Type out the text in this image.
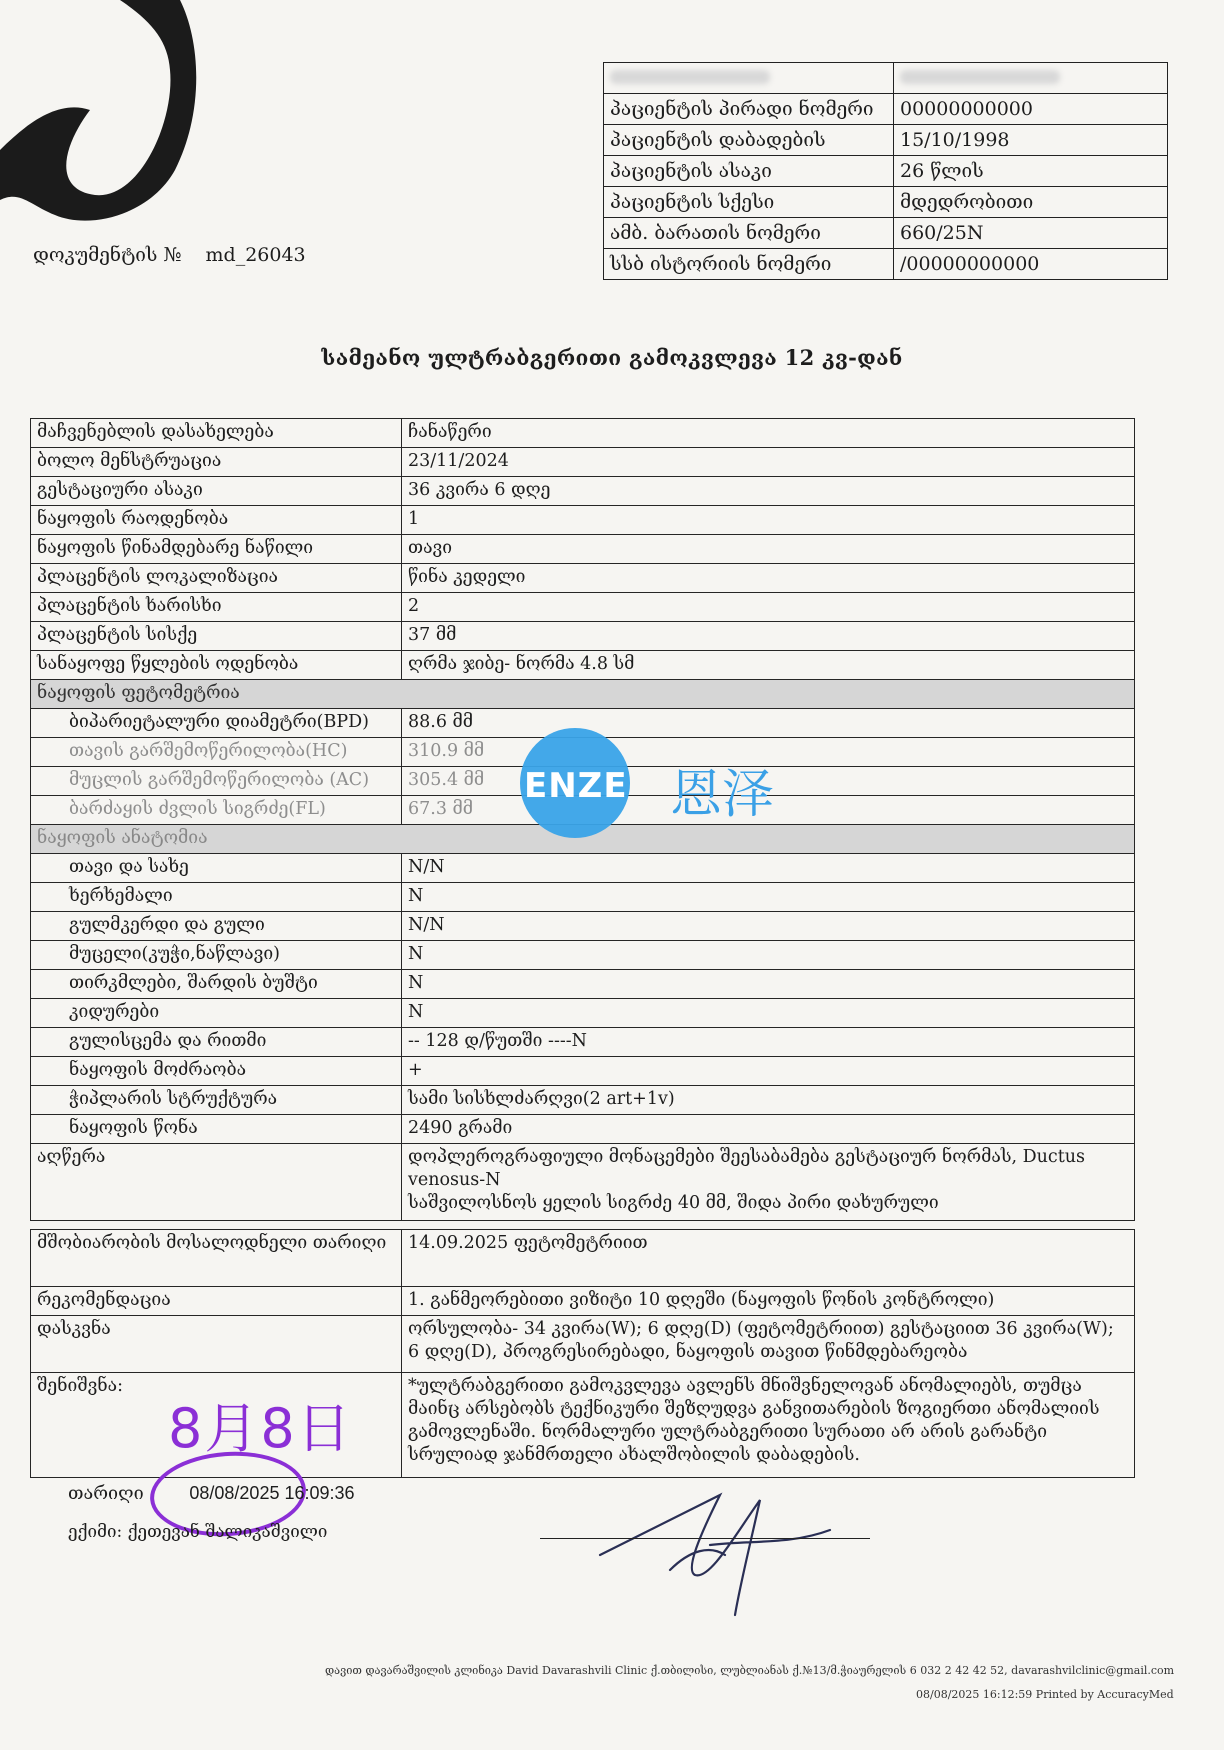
პაციენტის პირადი ნომერი	00000000000
პაციენტის დაბადების	15/10/1998
პაციენტის ასაკი	26 წლის
პაციენტის სქესი	მდედრობითი
ამბ. ბარათის ნომერი	660/25N
სსბ ისტორიის ნომერი	/00000000000
დოკუმენტის № md_26043
სამეანო ულტრაბგერითი გამოკვლევა 12 კვ-დან
მაჩვენებლის დასახელება	ჩანაწერი
ბოლო მენსტრუაცია	23/11/2024
გესტაციური ასაკი	36 კვირა 6 დღე
ნაყოფის რაოდენობა	1
ნაყოფის წინამდებარე ნაწილი	თავი
პლაცენტის ლოკალიზაცია	წინა კედელი
პლაცენტის ხარისხი	2
პლაცენტის სისქე	37 მმ
სანაყოფე წყლების ოდენობა	ღრმა ჯიბე- ნორმა 4.8 სმ
ნაყოფის ფეტომეტრია	
ბიპარიეტალური დიამეტრი(BPD)	88.6 მმ
თავის გარშემოწერილობა(HC)	310.9 მმ
მუცლის გარშემოწერილობა (AC)	305.4 მმ
ბარძაყის ძვლის სიგრძე(FL)	67.3 მმ
ნაყოფის ანატომია	
თავი და სახე	N/N
ხერხემალი	N
გულმკერდი და გული	N/N
მუცელი(კუჭი,ნაწლავი)	N
თირკმლები, შარდის ბუშტი	N
კიდურები	N
გულისცემა და რითმი	-- 128 დ/წუთში ----N
ნაყოფის მოძრაობა	+
ჭიპლარის სტრუქტურა	სამი სისხლძარღვი(2 art+1v)
ნაყოფის წონა	2490 გრამი
აღწერა	დოპლეროგრაფიული მონაცემები შეესაბამება გესტაციურ ნორმას, Ductus venosus-N
საშვილოსნოს ყელის სიგრძე 40 მმ, შიდა პირი დახურული

მშობიარობის მოსალოდნელი თარიღი	14.09.2025 ფეტომეტრიით
რეკომენდაცია	1. განმეორებითი ვიზიტი 10 დღეში (ნაყოფის წონის კონტროლი)
დასკვნა	ორსულობა- 34 კვირა(W); 6 დღე(D) (ფეტომეტრიით) გესტაციით 36 კვირა(W); 6 დღე(D), პროგრესირებადი, ნაყოფის თავით წინმდებარეობა
შენიშვნა:	*ულტრაბგერითი გამოკვლევა ავლენს მნიშვნელოვან ანომალიებს, თუმცა მაინც არსებობს ტექნიკური შეზღუდვა განვითარების ზოგიერთი ანომალიის გამოვლენაში. ნორმალური ულტრაბგერითი სურათი არ არის გარანტი სრულიად ჯანმრთელი ახალშობილის დაბადების.
ENZE 恩泽
8月8日
თარიღი	08/08/2025 16:09:36
ექიმი: ქეთევან შალიკაშვილი
დავით დავარაშვილის კლინიკა David Davarashvili Clinic ქ.თბილისი, ლუბლიანას ქ.№13/მ.ჭიაურელის 6 032 2 42 42 52, davarashvilclinic@gmail.com
08/08/2025 16:12:59 Printed by AccuracyMed
